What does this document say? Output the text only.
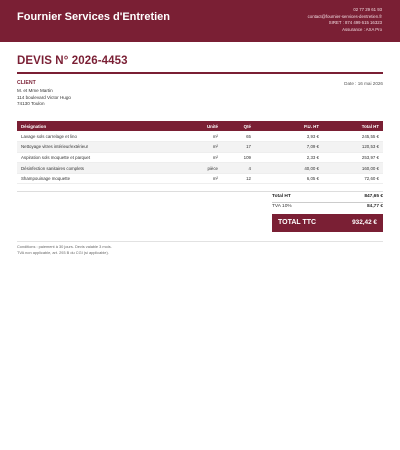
Fournier Services d'Entretien
02 77 29 61 93
contact@fournier-services-dentretien.fr
SIRET : 874 499 615 16323
Assurance : AXA Pro
DEVIS N° 2026-4453
CLIENT
M. et Mme Martin
114 boulevard Victor Hugo
74130 Toulon
Date : 16 mai 2026
Désignation	Unité	Qté	P.U. HT	Total HT
Lavage sols carrelage et lino	m²	65	3,93 €	245,55 €
Nettoyage vitres intérieur/extérieur	m²	17	7,09 €	120,53 €
Aspiration sols moquette et parquet	m²	109	2,33 €	253,97 €
Désinfection sanitaires complets	pièce	4	40,00 €	160,00 €
Shampouinage moquette	m²	12	6,05 €	72,60 €
Total HT	847,65 €
TVA 10%	84,77 €
TOTAL TTC	932,42 €
Conditions : paiement à 30 jours. Devis valable 3 mois.
TVA non applicable, art. 293 B du CGI (si applicable).
